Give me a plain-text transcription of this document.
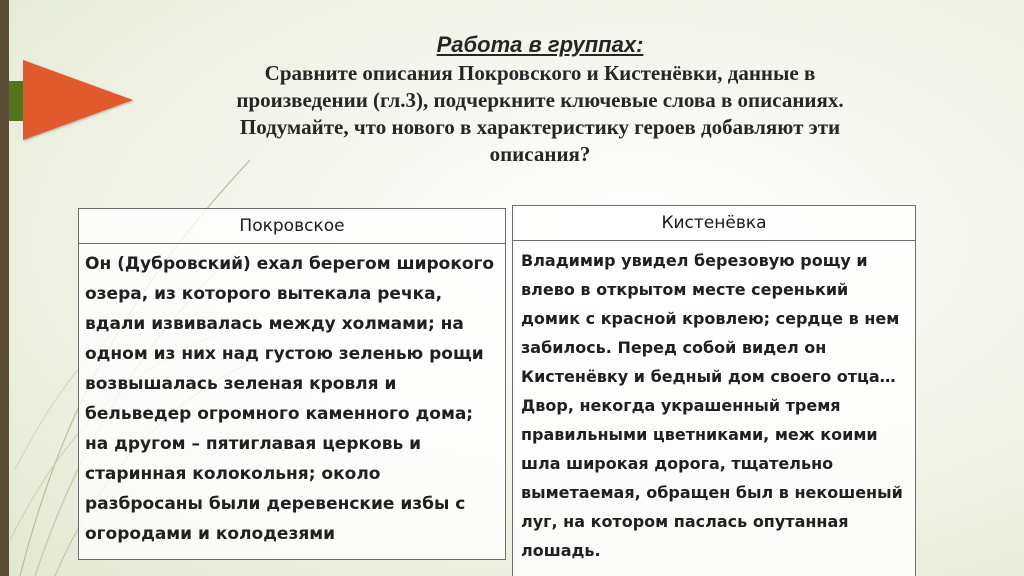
Работа в группах:

Сравните описания Покровского и Кистенёвки, данные в
произведении (гл.3), подчеркните ключевые слова в описаниях.
Подумайте, что нового в характеристику героев добавляют эти
описания?

Покровское
Он (Дубровский) ехал берегом широкого озера, из которого вытекала речка, вдали извивалась между холмами; на одном из них над густою зеленью рощи возвышалась зеленая кровля и бельведер огромного каменного дома; на другом – пятиглавая церковь и старинная колокольня; около разбросаны были деревенские избы с огородами и колодезями
Кистенёвка
Владимир увидел березовую рощу и влево в открытом месте серенький домик с красной кровлею; сердце в нем забилось. Перед собой видел он Кистенёвку и бедный дом своего отца… Двор, некогда украшенный тремя правильными цветниками, меж коими шла широкая дорога, тщательно выметаемая, обращен был в некошеный луг, на котором паслась опутанная лошадь.
